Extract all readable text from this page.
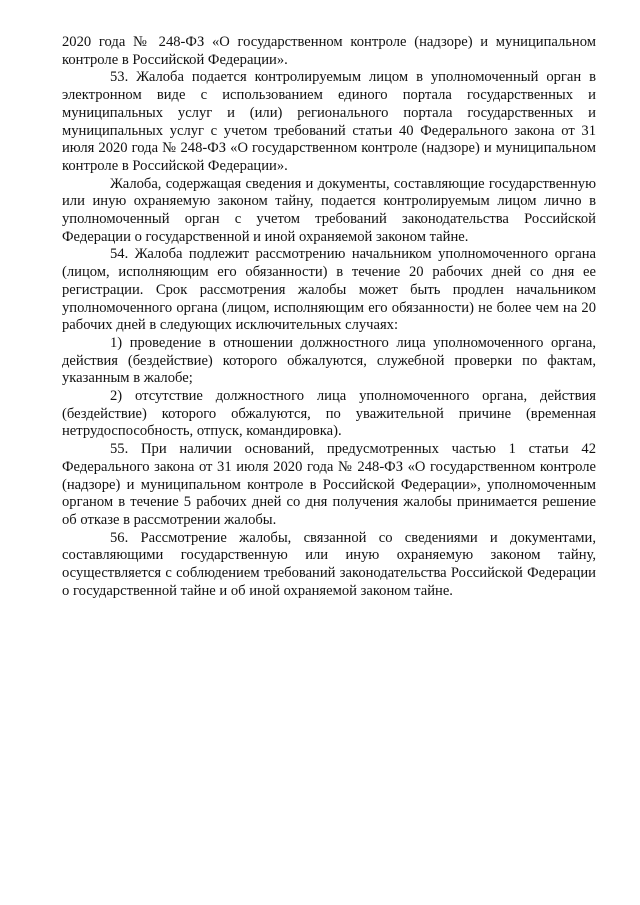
2020 года № 248-ФЗ «О государственном контроле (надзоре) и муниципальном контроле в Российской Федерации».

53. Жалоба подается контролируемым лицом в уполномоченный орган в электронном виде с использованием единого портала государственных и муниципальных услуг и (или) регионального портала государственных и муниципальных услуг с учетом требований статьи 40 Федерального закона от 31 июля 2020 года № 248-ФЗ «О государственном контроле (надзоре) и муниципальном контроле в Российской Федерации».

Жалоба, содержащая сведения и документы, составляющие государственную или иную охраняемую законом тайну, подается контролируемым лицом лично в уполномоченный орган с учетом требований законодательства Российской Федерации о государственной и иной охраняемой законом тайне.

54. Жалоба подлежит рассмотрению начальником уполномоченного органа (лицом, исполняющим его обязанности) в течение 20 рабочих дней со дня ее регистрации. Срок рассмотрения жалобы может быть продлен начальником уполномоченного органа (лицом, исполняющим его обязанности) не более чем на 20 рабочих дней в следующих исключительных случаях:

1) проведение в отношении должностного лица уполномоченного органа, действия (бездействие) которого обжалуются, служебной проверки по фактам, указанным в жалобе;

2) отсутствие должностного лица уполномоченного органа, действия (бездействие) которого обжалуются, по уважительной причине (временная нетрудоспособность, отпуск, командировка).

55. При наличии оснований, предусмотренных частью 1 статьи 42 Федерального закона от 31 июля 2020 года № 248-ФЗ «О государственном контроле (надзоре) и муниципальном контроле в Российской Федерации», уполномоченным органом в течение 5 рабочих дней со дня получения жалобы принимается решение об отказе в рассмотрении жалобы.

56. Рассмотрение жалобы, связанной со сведениями и документами, составляющими государственную или иную охраняемую законом тайну, осуществляется с соблюдением требований законодательства Российской Федерации о государственной тайне и об иной охраняемой законом тайне.
